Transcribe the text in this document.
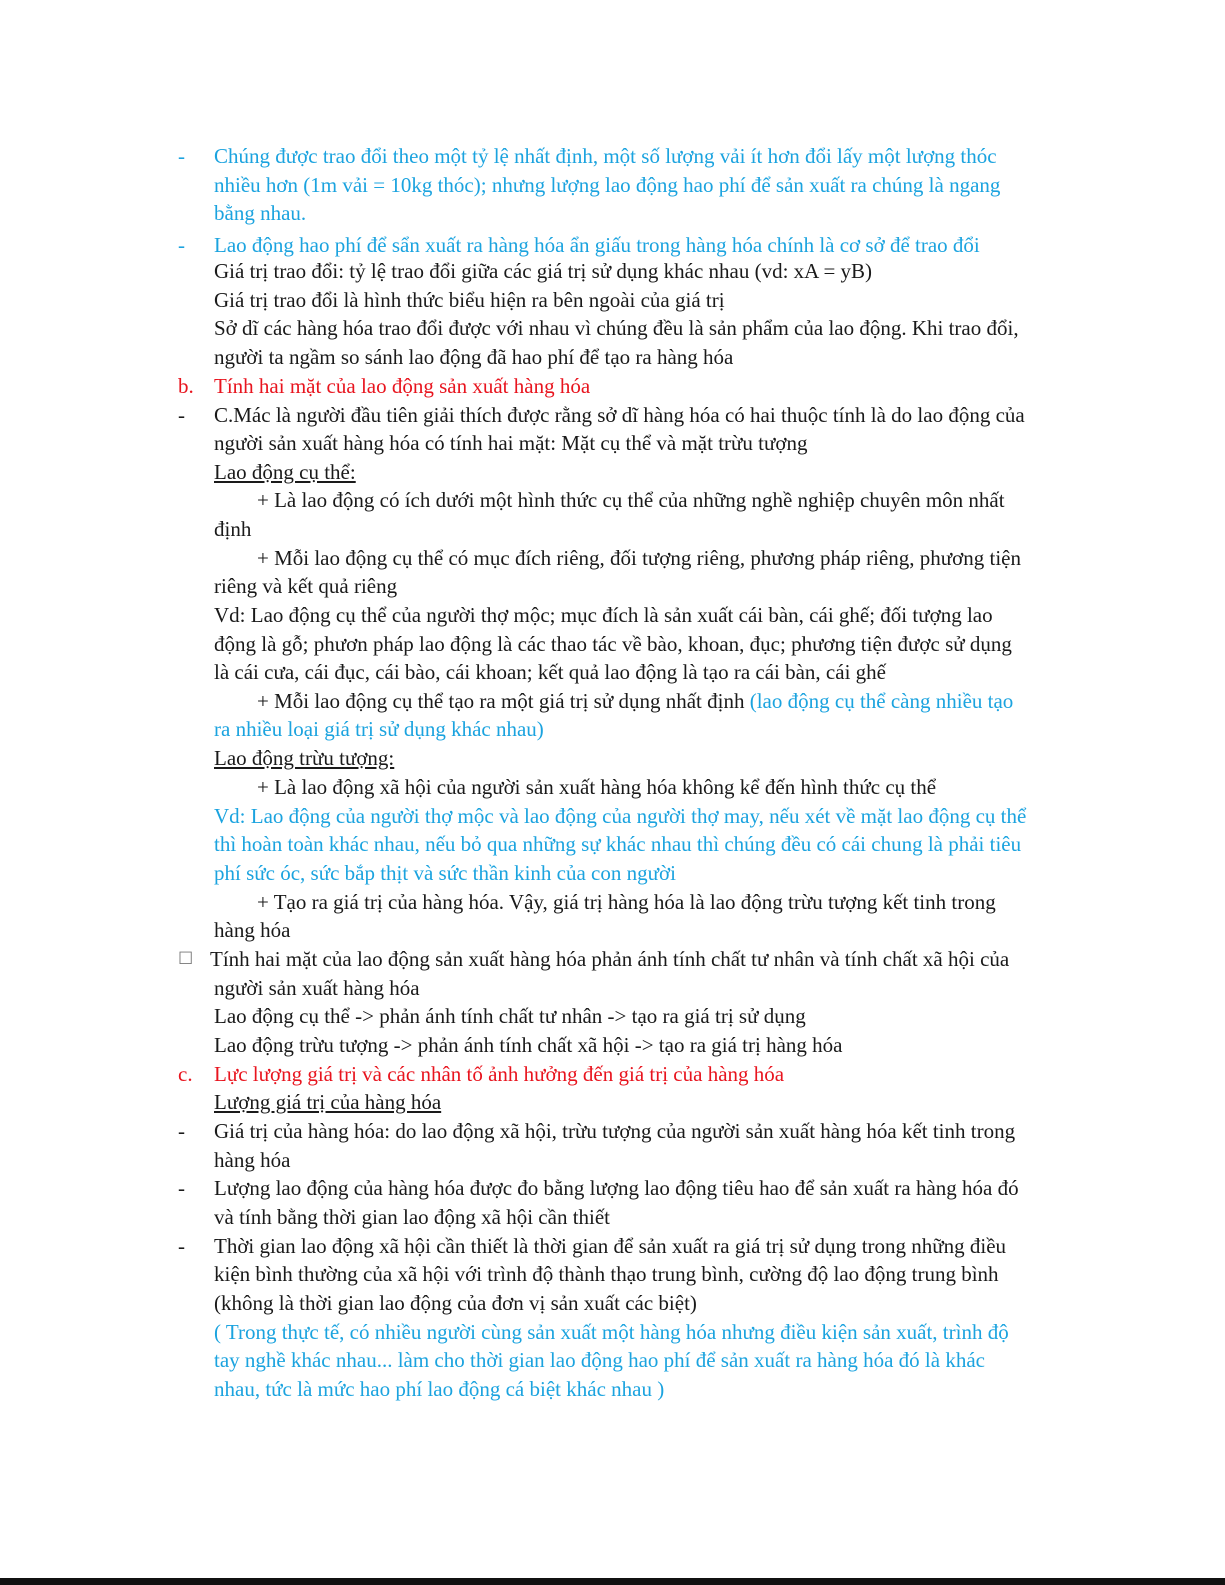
- Chúng được trao đổi theo một tỷ lệ nhất định, một số lượng vải ít hơn đổi lấy một lượng thóc
nhiều hơn (1m vải = 10kg thóc); nhưng lượng lao động hao phí để sản xuất ra chúng là ngang
bằng nhau.
- Lao động hao phí để sẩn xuất ra hàng hóa ẩn giấu trong hàng hóa chính là cơ sở để trao đổi
Giá trị trao đổi: tỷ lệ trao đổi giữa các giá trị sử dụng khác nhau (vd: xA = yB)
Giá trị trao đổi là hình thức biểu hiện ra bên ngoài của giá trị
Sở dĩ các hàng hóa trao đổi được với nhau vì chúng đều là sản phẩm của lao động. Khi trao đổi,
người ta ngầm so sánh lao động đã hao phí để tạo ra hàng hóa
b. Tính hai mặt của lao động sản xuất hàng hóa
- C.Mác là người đầu tiên giải thích được rằng sở dĩ hàng hóa có hai thuộc tính là do lao động của
người sản xuất hàng hóa có tính hai mặt: Mặt cụ thể và mặt trừu tượng
Lao động cụ thể:
+ Là lao động có ích dưới một hình thức cụ thể của những nghề nghiệp chuyên môn nhất
định
+ Mỗi lao động cụ thể có mục đích riêng, đối tượng riêng, phương pháp riêng, phương tiện
riêng và kết quả riêng
Vd: Lao động cụ thể của người thợ mộc; mục đích là sản xuất cái bàn, cái ghế; đối tượng lao
động là gỗ; phươn pháp lao động là các thao tác về bào, khoan, đục; phương tiện được sử dụng
là cái cưa, cái đục, cái bào, cái khoan; kết quả lao động là tạo ra cái bàn, cái ghế
+ Mỗi lao động cụ thể tạo ra một giá trị sử dụng nhất định (lao động cụ thể càng nhiều tạo
ra nhiều loại giá trị sử dụng khác nhau)
Lao động trừu tượng:
+ Là lao động xã hội của người sản xuất hàng hóa không kể đến hình thức cụ thể
Vd: Lao động của người thợ mộc và lao động của người thợ may, nếu xét về mặt lao động cụ thể
thì hoàn toàn khác nhau, nếu bỏ qua những sự khác nhau thì chúng đều có cái chung là phải tiêu
phí sức óc, sức bắp thịt và sức thần kinh của con người
+ Tạo ra giá trị của hàng hóa. Vậy, giá trị hàng hóa là lao động trừu tượng kết tinh trong
hàng hóa
☐ Tính hai mặt của lao động sản xuất hàng hóa phản ánh tính chất tư nhân và tính chất xã hội của
người sản xuất hàng hóa
Lao động cụ thể -> phản ánh tính chất tư nhân -> tạo ra giá trị sử dụng
Lao động trừu tượng -> phản ánh tính chất xã hội -> tạo ra giá trị hàng hóa
c. Lực lượng giá trị và các nhân tố ảnh hưởng đến giá trị của hàng hóa
Lượng giá trị của hàng hóa
- Giá trị của hàng hóa: do lao động xã hội, trừu tượng của người sản xuất hàng hóa kết tinh trong
hàng hóa
- Lượng lao động của hàng hóa được đo bằng lượng lao động tiêu hao để sản xuất ra hàng hóa đó
và tính bằng thời gian lao động xã hội cần thiết
- Thời gian lao động xã hội cần thiết là thời gian để sản xuất ra giá trị sử dụng trong những điều
kiện bình thường của xã hội với trình độ thành thạo trung bình, cường độ lao động trung bình
(không là thời gian lao động của đơn vị sản xuất các biệt)
( Trong thực tế, có nhiều người cùng sản xuất một hàng hóa nhưng điều kiện sản xuất, trình độ
tay nghề khác nhau... làm cho thời gian lao động hao phí để sản xuất ra hàng hóa đó là khác
nhau, tức là mức hao phí lao động cá biệt khác nhau )
